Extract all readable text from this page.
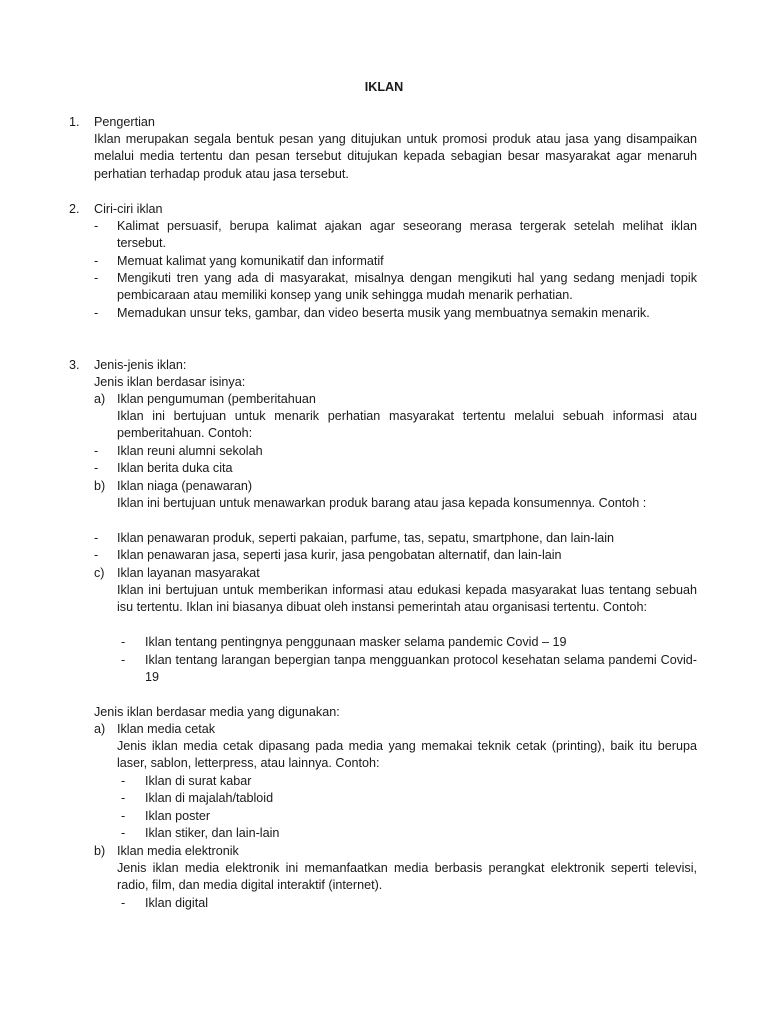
IKLAN
1. Pengertian
Iklan merupakan segala bentuk pesan yang ditujukan untuk promosi produk atau jasa yang disampaikan melalui media tertentu dan pesan tersebut ditujukan kepada sebagian besar masyarakat agar menaruh perhatian terhadap produk atau jasa tersebut.
2. Ciri-ciri iklan
- Kalimat persuasif, berupa kalimat ajakan agar seseorang merasa tergerak setelah melihat iklan tersebut.
- Memuat kalimat yang komunikatif dan informatif
- Mengikuti tren yang ada di masyarakat, misalnya dengan mengikuti hal yang sedang menjadi topik pembicaraan atau memiliki konsep yang unik sehingga mudah menarik perhatian.
- Memadukan unsur teks, gambar, dan video beserta musik yang membuatnya semakin menarik.
3. Jenis-jenis iklan:
Jenis iklan berdasar isinya:
a) Iklan pengumuman (pemberitahuan
Iklan ini bertujuan untuk menarik perhatian masyarakat tertentu melalui sebuah informasi atau pemberitahuan. Contoh:
- Iklan reuni alumni sekolah
- Iklan berita duka cita
b) Iklan niaga (penawaran)
Iklan ini bertujuan untuk menawarkan produk barang atau jasa kepada konsumennya. Contoh :
- Iklan penawaran produk, seperti pakaian, parfume, tas, sepatu, smartphone, dan lain-lain
- Iklan penawaran jasa, seperti jasa kurir, jasa pengobatan alternatif, dan lain-lain
c) Iklan layanan masyarakat
Iklan ini bertujuan untuk memberikan informasi atau edukasi kepada masyarakat luas tentang sebuah isu tertentu. Iklan ini biasanya dibuat oleh instansi pemerintah atau organisasi tertentu. Contoh:
- Iklan tentang pentingnya penggunaan masker selama pandemic Covid – 19
- Iklan tentang larangan bepergian tanpa mengguankan protocol kesehatan selama pandemi Covid-19
Jenis iklan berdasar media yang digunakan:
a) Iklan media cetak
Jenis iklan media cetak dipasang pada media yang memakai teknik cetak (printing), baik itu berupa laser, sablon, letterpress, atau lainnya. Contoh:
- Iklan di surat kabar
- Iklan di majalah/tabloid
- Iklan poster
- Iklan stiker, dan lain-lain
b) Iklan media elektronik
Jenis iklan media elektronik ini memanfaatkan media berbasis perangkat elektronik seperti televisi, radio, film, dan media digital interaktif (internet).
- Iklan digital
